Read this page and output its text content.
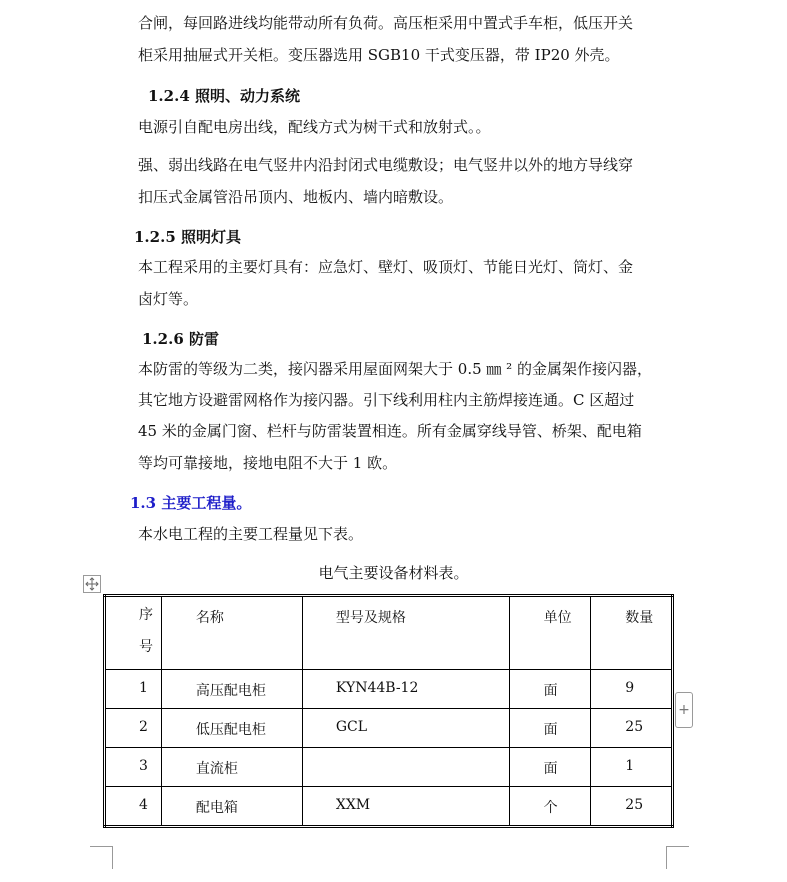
合闸，每回路进线均能带动所有负荷。高压柜采用中置式手车柜，低压开关
柜采用抽屉式开关柜。变压器选用 SGB10 干式变压器，带 IP20 外壳。
1.2.4 照明、动力系统
电源引自配电房出线，配线方式为树干式和放射式。。
强、弱出线路在电气竖井内沿封闭式电缆敷设；电气竖井以外的地方导线穿
扣压式金属管沿吊顶内、地板内、墙内暗敷设。
1.2.5 照明灯具
本工程采用的主要灯具有：应急灯、壁灯、吸顶灯、节能日光灯、筒灯、金
卤灯等。
1.2.6 防雷
本防雷的等级为二类，接闪器采用屋面网架大于 0.5 ㎜ ² 的金属架作接闪器，
其它地方设避雷网格作为接闪器。引下线利用柱内主筋焊接连通。C 区超过
45 米的金属门窗、栏杆与防雷装置相连。所有金属穿线导管、桥架、配电箱
等均可靠接地，接地电阻不大于 1 欧。
1.3 主要工程量。
本水电工程的主要工程量见下表。
电气主要设备材料表。
序
号	名称	型号及规格	单位	数量

1	高压配电柜	KYN44B-12	面	9

2	低压配电柜	GCL	面	25

3	直流柜		面	1

4	配电箱	XXM	个	25
+
